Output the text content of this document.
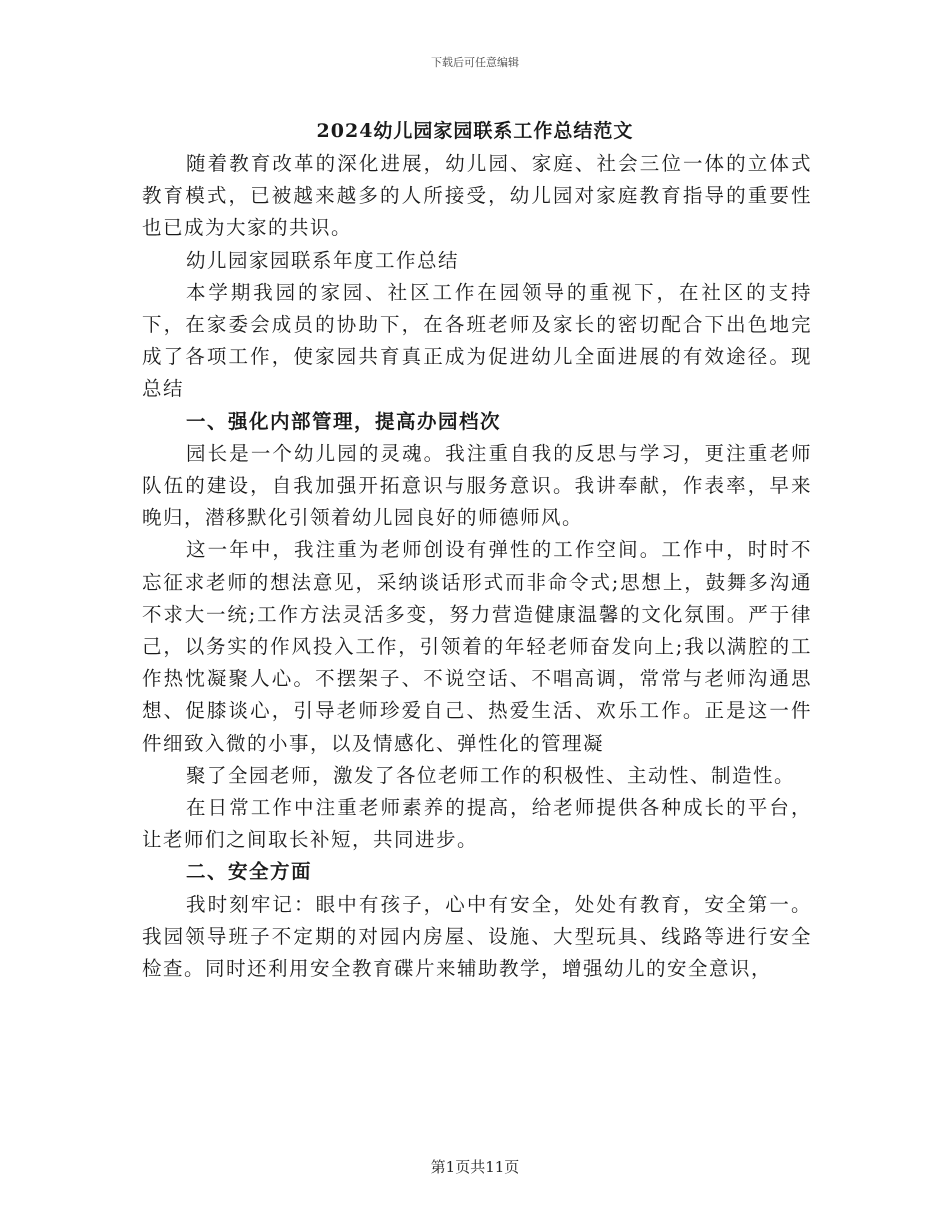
下载后可任意编辑
2024幼儿园家园联系工作总结范文

随着教育改革的深化进展，幼儿园、家庭、社会三位一体的立体式教育模式，已被越来越多的人所接受，幼儿园对家庭教育指导的重要性也已成为大家的共识。

幼儿园家园联系年度工作总结

本学期我园的家园、社区工作在园领导的重视下，在社区的支持下，在家委会成员的协助下，在各班老师及家长的密切配合下出色地完成了各项工作，使家园共育真正成为促进幼儿全面进展的有效途径。现总结

一、强化内部管理，提高办园档次

园长是一个幼儿园的灵魂。我注重自我的反思与学习，更注重老师队伍的建设，自我加强开拓意识与服务意识。我讲奉献，作表率，早来晚归，潜移默化引领着幼儿园良好的师德师风。

这一年中，我注重为老师创设有弹性的工作空间。工作中，时时不忘征求老师的想法意见，采纳谈话形式而非命令式;思想上，鼓舞多沟通不求大一统;工作方法灵活多变，努力营造健康温馨的文化氛围。严于律己，以务实的作风投入工作，引领着的年轻老师奋发向上;我以满腔的工作热忱凝聚人心。不摆架子、不说空话、不唱高调，常常与老师沟通思想、促膝谈心，引导老师珍爱自己、热爱生活、欢乐工作。正是这一件件细致入微的小事，以及情感化、弹性化的管理凝

聚了全园老师，激发了各位老师工作的积极性、主动性、制造性。

在日常工作中注重老师素养的提高，给老师提供各种成长的平台，让老师们之间取长补短，共同进步。

二、安全方面

我时刻牢记：眼中有孩子，心中有安全，处处有教育，安全第一。我园领导班子不定期的对园内房屋、设施、大型玩具、线路等进行安全检查。同时还利用安全教育碟片来辅助教学，增强幼儿的安全意识，

第1页共11页
